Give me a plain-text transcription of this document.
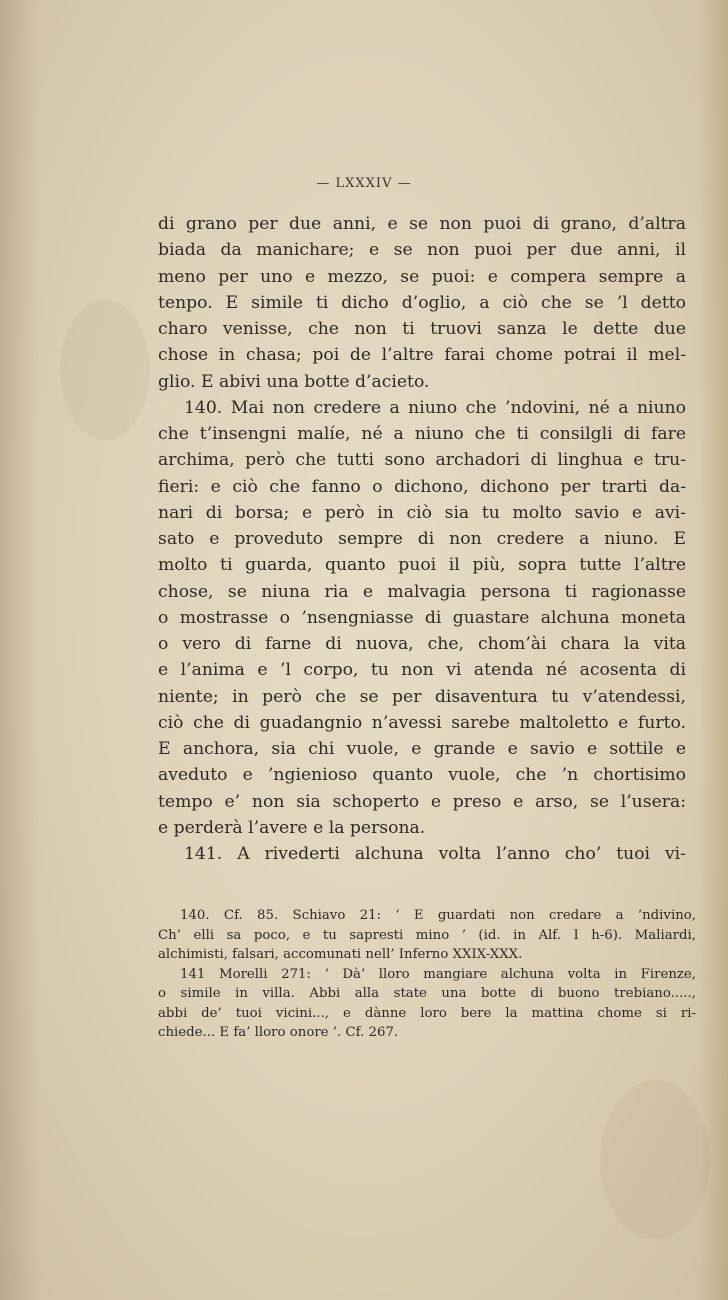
— LXXXIV —
di grano per due anni, e se non puoi di grano, d’altra
biada da manichare; e se non puoi per due anni, il
meno per uno e mezzo, se puoi: e compera sempre a
tenpo. E simile ti dicho d’oglio, a ciò che se ’l detto
charo venisse, che non ti truovi sanza le dette due
chose in chasa; poi de l’altre farai chome potrai il mel-
glio. E abivi una botte d’acieto.
140. Mai non credere a niuno che ’ndovini, né a niuno
che t’insengni malíe, né a niuno che ti consilgli di fare
archima, però che tutti sono archadori di linghua e tru-
fieri: e ciò che fanno o dichono, dichono per trarti da-
nari di borsa; e però in ciò sia tu molto savio e avi-
sato e proveduto sempre di non credere a niuno. E
molto ti guarda, quanto puoi il più, sopra tutte l’altre
chose, se niuna ria e malvagia persona ti ragionasse
o mostrasse o ’nsengniasse di guastare alchuna moneta
o vero di farne di nuova, che, chom’ài chara la vita
e l’anima e ’l corpo, tu non vi atenda né acosenta di
niente; in però che se per disaventura tu v’atendessi,
ciò che di guadangnio n’avessi sarebe maltoletto e furto.
E anchora, sia chi vuole, e grande e savio e sottile e
aveduto e ’ngienioso quanto vuole, che ’n chortisimo
tempo e’ non sia schoperto e preso e arso, se l’usera:
e perderà l’avere e la persona.
141. A rivederti alchuna volta l’anno cho’ tuoi vi-
140. Cf. 85. Schiavo 21: ‘ E guardati non credare a ’ndivino,
Ch’ elli sa poco, e tu sapresti mino ’ (id. in Alf. I h-6). Maliardi,
alchimisti, falsari, accomunati nell’ Inferno XXIX-XXX.
141 Morelli 271: ‘ Dà’ lloro mangiare alchuna volta in Firenze,
o simile in villa. Abbi alla state una botte di buono trebiano.....,
abbi de’ tuoi vicini..., e dànne loro bere la mattina chome si ri-
chiede... E fa’ lloro onore ’. Cf. 267.
